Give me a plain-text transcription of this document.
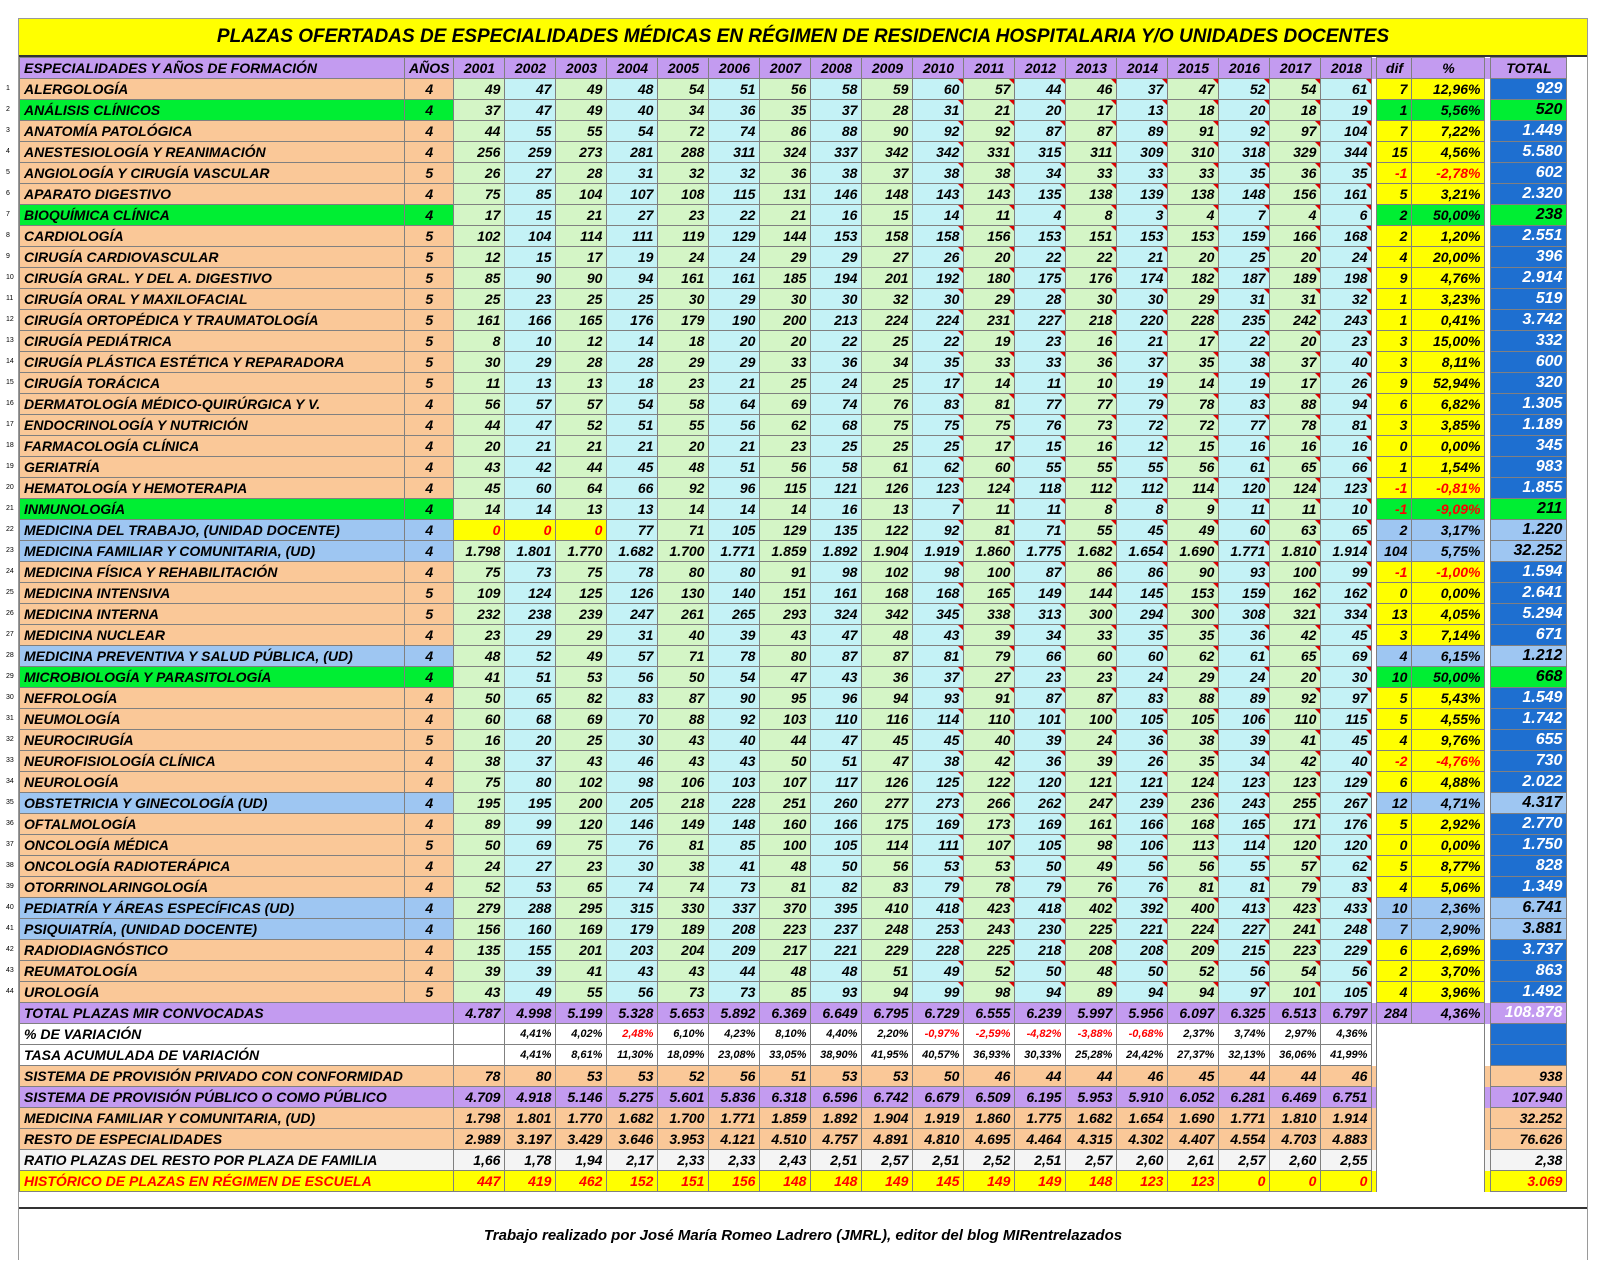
PLAZAS OFERTADAS DE ESPECIALIDADES MÉDICAS EN RÉGIMEN DE RESIDENCIA HOSPITALARIA Y/O UNIDADES DOCENTES
ESPECIALIDADES Y AÑOS DE FORMACIÓN	AÑOS	2001	2002	2003	2004	2005	2006	2007	2008	2009	2010	2011	2012	2013	2014	2015	2016	2017	2018		dif	%		TOTAL

1 ALERGOLOGÍA	4	49	47	49	48	54	51	56	58	59	60	57	44	46	37	47	52	54	61		7	12,96%		929

2 ANÁLISIS CLÍNICOS	4	37	47	49	40	34	36	35	37	28	31	21	20	17	13	18	20	18	19		1	5,56%		520

3 ANATOMÍA PATOLÓGICA	4	44	55	55	54	72	74	86	88	90	92	92	87	87	89	91	92	97	104		7	7,22%		1.449

4 ANESTESIOLOGÍA Y REANIMACIÓN	4	256	259	273	281	288	311	324	337	342	342	331	315	311	309	310	318	329	344		15	4,56%		5.580

5 ANGIOLOGÍA Y CIRUGÍA VASCULAR	5	26	27	28	31	32	32	36	38	37	38	38	34	33	33	33	35	36	35		-1	-2,78%		602

6 APARATO DIGESTIVO	4	75	85	104	107	108	115	131	146	148	143	143	135	138	139	138	148	156	161		5	3,21%		2.320

7 BIOQUÍMICA CLÍNICA	4	17	15	21	27	23	22	21	16	15	14	11	4	8	3	4	7	4	6		2	50,00%		238

8 CARDIOLOGÍA	5	102	104	114	111	119	129	144	153	158	158	156	153	151	153	153	159	166	168		2	1,20%		2.551

9 CIRUGÍA CARDIOVASCULAR	5	12	15	17	19	24	24	29	29	27	26	20	22	22	21	20	25	20	24		4	20,00%		396

10 CIRUGÍA GRAL. Y DEL A. DIGESTIVO	5	85	90	90	94	161	161	185	194	201	192	180	175	176	174	182	187	189	198		9	4,76%		2.914

11 CIRUGÍA ORAL Y MAXILOFACIAL	5	25	23	25	25	30	29	30	30	32	30	29	28	30	30	29	31	31	32		1	3,23%		519

12 CIRUGÍA ORTOPÉDICA Y TRAUMATOLOGÍA	5	161	166	165	176	179	190	200	213	224	224	231	227	218	220	228	235	242	243		1	0,41%		3.742

13 CIRUGÍA PEDIÁTRICA	5	8	10	12	14	18	20	20	22	25	22	19	23	16	21	17	22	20	23		3	15,00%		332

14 CIRUGÍA PLÁSTICA ESTÉTICA Y REPARADORA	5	30	29	28	28	29	29	33	36	34	35	33	33	36	37	35	38	37	40		3	8,11%		600

15 CIRUGÍA TORÁCICA	5	11	13	13	18	23	21	25	24	25	17	14	11	10	19	14	19	17	26		9	52,94%		320

16 DERMATOLOGÍA MÉDICO-QUIRÚRGICA Y V.	4	56	57	57	54	58	64	69	74	76	83	81	77	77	79	78	83	88	94		6	6,82%		1.305

17 ENDOCRINOLOGÍA Y NUTRICIÓN	4	44	47	52	51	55	56	62	68	75	75	75	76	73	72	72	77	78	81		3	3,85%		1.189

18 FARMACOLOGÍA CLÍNICA	4	20	21	21	21	20	21	23	25	25	25	17	15	16	12	15	16	16	16		0	0,00%		345

19 GERIATRÍA	4	43	42	44	45	48	51	56	58	61	62	60	55	55	55	56	61	65	66		1	1,54%		983

20 HEMATOLOGÍA Y HEMOTERAPIA	4	45	60	64	66	92	96	115	121	126	123	124	118	112	112	114	120	124	123		-1	-0,81%		1.855

21 INMUNOLOGÍA	4	14	14	13	13	14	14	14	16	13	7	11	11	8	8	9	11	11	10		-1	-9,09%		211

22 MEDICINA DEL TRABAJO, (UNIDAD DOCENTE)	4	0	0	0	77	71	105	129	135	122	92	81	71	55	45	49	60	63	65		2	3,17%		1.220

23 MEDICINA FAMILIAR Y COMUNITARIA, (UD)	4	1.798	1.801	1.770	1.682	1.700	1.771	1.859	1.892	1.904	1.919	1.860	1.775	1.682	1.654	1.690	1.771	1.810	1.914		104	5,75%		32.252

24 MEDICINA FÍSICA Y REHABILITACIÓN	4	75	73	75	78	80	80	91	98	102	98	100	87	86	86	90	93	100	99		-1	-1,00%		1.594

25 MEDICINA INTENSIVA	5	109	124	125	126	130	140	151	161	168	168	165	149	144	145	153	159	162	162		0	0,00%		2.641

26 MEDICINA INTERNA	5	232	238	239	247	261	265	293	324	342	345	338	313	300	294	300	308	321	334		13	4,05%		5.294

27 MEDICINA NUCLEAR	4	23	29	29	31	40	39	43	47	48	43	39	34	33	35	35	36	42	45		3	7,14%		671

28 MEDICINA PREVENTIVA Y SALUD PÚBLICA, (UD)	4	48	52	49	57	71	78	80	87	87	81	79	66	60	60	62	61	65	69		4	6,15%		1.212

29 MICROBIOLOGÍA Y PARASITOLOGÍA	4	41	51	53	56	50	54	47	43	36	37	27	23	23	24	29	24	20	30		10	50,00%		668

30 NEFROLOGÍA	4	50	65	82	83	87	90	95	96	94	93	91	87	87	83	88	89	92	97		5	5,43%		1.549

31 NEUMOLOGÍA	4	60	68	69	70	88	92	103	110	116	114	110	101	100	105	105	106	110	115		5	4,55%		1.742

32 NEUROCIRUGÍA	5	16	20	25	30	43	40	44	47	45	45	40	39	24	36	38	39	41	45		4	9,76%		655

33 NEUROFISIOLOGÍA CLÍNICA	4	38	37	43	46	43	43	50	51	47	38	42	36	39	26	35	34	42	40		-2	-4,76%		730

34 NEUROLOGÍA	4	75	80	102	98	106	103	107	117	126	125	122	120	121	121	124	123	123	129		6	4,88%		2.022

35 OBSTETRICIA Y GINECOLOGÍA (UD)	4	195	195	200	205	218	228	251	260	277	273	266	262	247	239	236	243	255	267		12	4,71%		4.317

36 OFTALMOLOGÍA	4	89	99	120	146	149	148	160	166	175	169	173	169	161	166	168	165	171	176		5	2,92%		2.770

37 ONCOLOGÍA MÉDICA	5	50	69	75	76	81	85	100	105	114	111	107	105	98	106	113	114	120	120		0	0,00%		1.750

38 ONCOLOGÍA RADIOTERÁPICA	4	24	27	23	30	38	41	48	50	56	53	53	50	49	56	56	55	57	62		5	8,77%		828

39 OTORRINOLARINGOLOGÍA	4	52	53	65	74	74	73	81	82	83	79	78	79	76	76	81	81	79	83		4	5,06%		1.349

40 PEDIATRÍA Y ÁREAS ESPECÍFICAS (UD)	4	279	288	295	315	330	337	370	395	410	418	423	418	402	392	400	413	423	433		10	2,36%		6.741

41 PSIQUIATRÍA, (UNIDAD DOCENTE)	4	156	160	169	179	189	208	223	237	248	253	243	230	225	221	224	227	241	248		7	2,90%		3.881

42 RADIODIAGNÓSTICO	4	135	155	201	203	204	209	217	221	229	228	225	218	208	208	209	215	223	229		6	2,69%		3.737

43 REUMATOLOGÍA	4	39	39	41	43	43	44	48	48	51	49	52	50	48	50	52	56	54	56		2	3,70%		863

44 UROLOGÍA	5	43	49	55	56	73	73	85	93	94	99	98	94	89	94	94	97	101	105		4	3,96%		1.492
TOTAL PLAZAS MIR CONVOCADAS		4.787	4.998	5.199	5.328	5.653	5.892	6.369	6.649	6.795	6.729	6.555	6.239	5.997	5.956	6.097	6.325	6.513	6.797		284	4,36%		108.878
% DE VARIACIÓN			4,41%	4,02%	2,48%	6,10%	4,23%	8,10%	4,40%	2,20%	-0,97%	-2,59%	-4,82%	-3,88%	-0,68%	2,37%	3,74%	2,97%	4,36%					
TASA ACUMULADA DE VARIACIÓN			4,41%	8,61%	11,30%	18,09%	23,08%	33,05%	38,90%	41,95%	40,57%	36,93%	30,33%	25,28%	24,42%	27,37%	32,13%	36,06%	41,99%					
SISTEMA DE PROVISIÓN PRIVADO CON CONFORMIDAD		78	80	53	53	52	56	51	53	53	50	46	44	44	46	45	44	44	46					938
SISTEMA DE PROVISIÓN PÚBLICO O COMO PÚBLICO		4.709	4.918	5.146	5.275	5.601	5.836	6.318	6.596	6.742	6.679	6.509	6.195	5.953	5.910	6.052	6.281	6.469	6.751					107.940
MEDICINA FAMILIAR Y COMUNITARIA, (UD)		1.798	1.801	1.770	1.682	1.700	1.771	1.859	1.892	1.904	1.919	1.860	1.775	1.682	1.654	1.690	1.771	1.810	1.914					32.252
RESTO DE ESPECIALIDADES		2.989	3.197	3.429	3.646	3.953	4.121	4.510	4.757	4.891	4.810	4.695	4.464	4.315	4.302	4.407	4.554	4.703	4.883					76.626
RATIO PLAZAS DEL RESTO POR PLAZA DE FAMILIA		1,66	1,78	1,94	2,17	2,33	2,33	2,43	2,51	2,57	2,51	2,52	2,51	2,57	2,60	2,61	2,57	2,60	2,55					2,38
HISTÓRICO DE PLAZAS EN RÉGIMEN DE ESCUELA		447	419	462	152	151	156	148	148	149	145	149	149	148	123	123	0	0	0					3.069
Trabajo realizado por José María Romeo Ladrero (JMRL), editor del blog MIRentrelazados
